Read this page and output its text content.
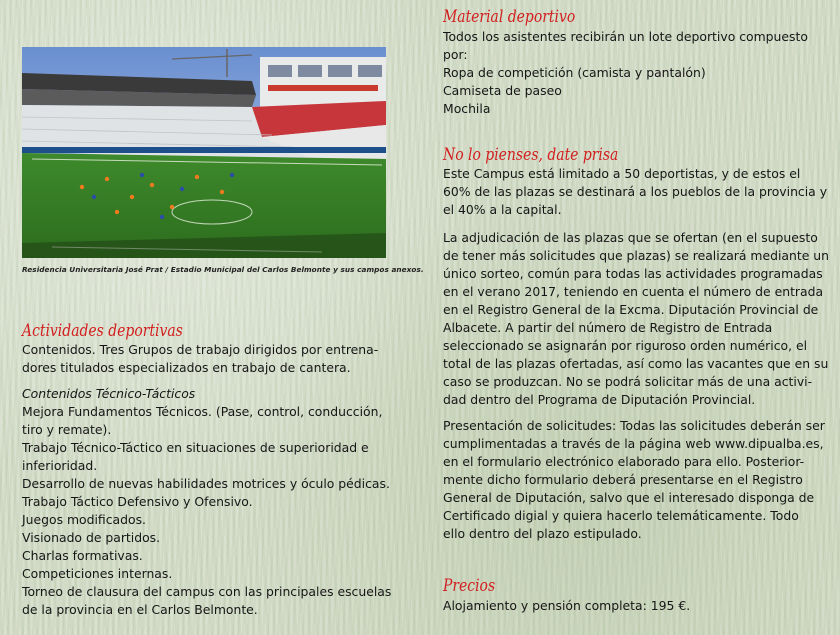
Residencia Universitaria José Prat / Estadio Municipal del Carlos Belmonte y sus campos anexos.
Actividades deportivas
Contenidos. Tres Grupos de trabajo dirigidos por entrena-
dores titulados especializados en trabajo de cantera.
Contenidos Técnico-Tácticos
Mejora Fundamentos Técnicos. (Pase, control, conducción,
tiro y remate).
Trabajo Técnico-Táctico en situaciones de superioridad e
inferioridad.
Desarrollo de nuevas habilidades motrices y óculo pédicas.
Trabajo Táctico Defensivo y Ofensivo.
Juegos modificados.
Visionado de partidos.
Charlas formativas.
Competiciones internas.
Torneo de clausura del campus con las principales escuelas
de la provincia en el Carlos Belmonte.
Material deportivo
Todos los asistentes recibirán un lote deportivo compuesto
por:
Ropa de competición (camista y pantalón)
Camiseta de paseo
Mochila
No lo pienses, date prisa
Este Campus está limitado a 50 deportistas, y de estos el
60% de las plazas se destinará a los pueblos de la provincia y
el 40% a la capital.
La adjudicación de las plazas que se ofertan (en el supuesto
de tener más solicitudes que plazas) se realizará mediante un
único sorteo, común para todas las actividades programadas
en el verano 2017, teniendo en cuenta el número de entrada
en el Registro General de la Excma. Diputación Provincial de
Albacete. A partir del número de Registro de Entrada
seleccionado se asignarán por riguroso orden numérico, el
total de las plazas ofertadas, así como las vacantes que en su
caso se produzcan. No se podrá solicitar más de una activi-
dad dentro del Programa de Diputación Provincial.
Presentación de solicitudes: Todas las solicitudes deberán ser
cumplimentadas a través de la página web www.dipualba.es,
en el formulario electrónico elaborado para ello. Posterior-
mente dicho formulario deberá presentarse en el Registro
General de Diputación, salvo que el interesado disponga de
Certificado digial y quiera hacerlo telemáticamente. Todo
ello dentro del plazo estipulado.
Precios
Alojamiento y pensión completa: 195 €.
